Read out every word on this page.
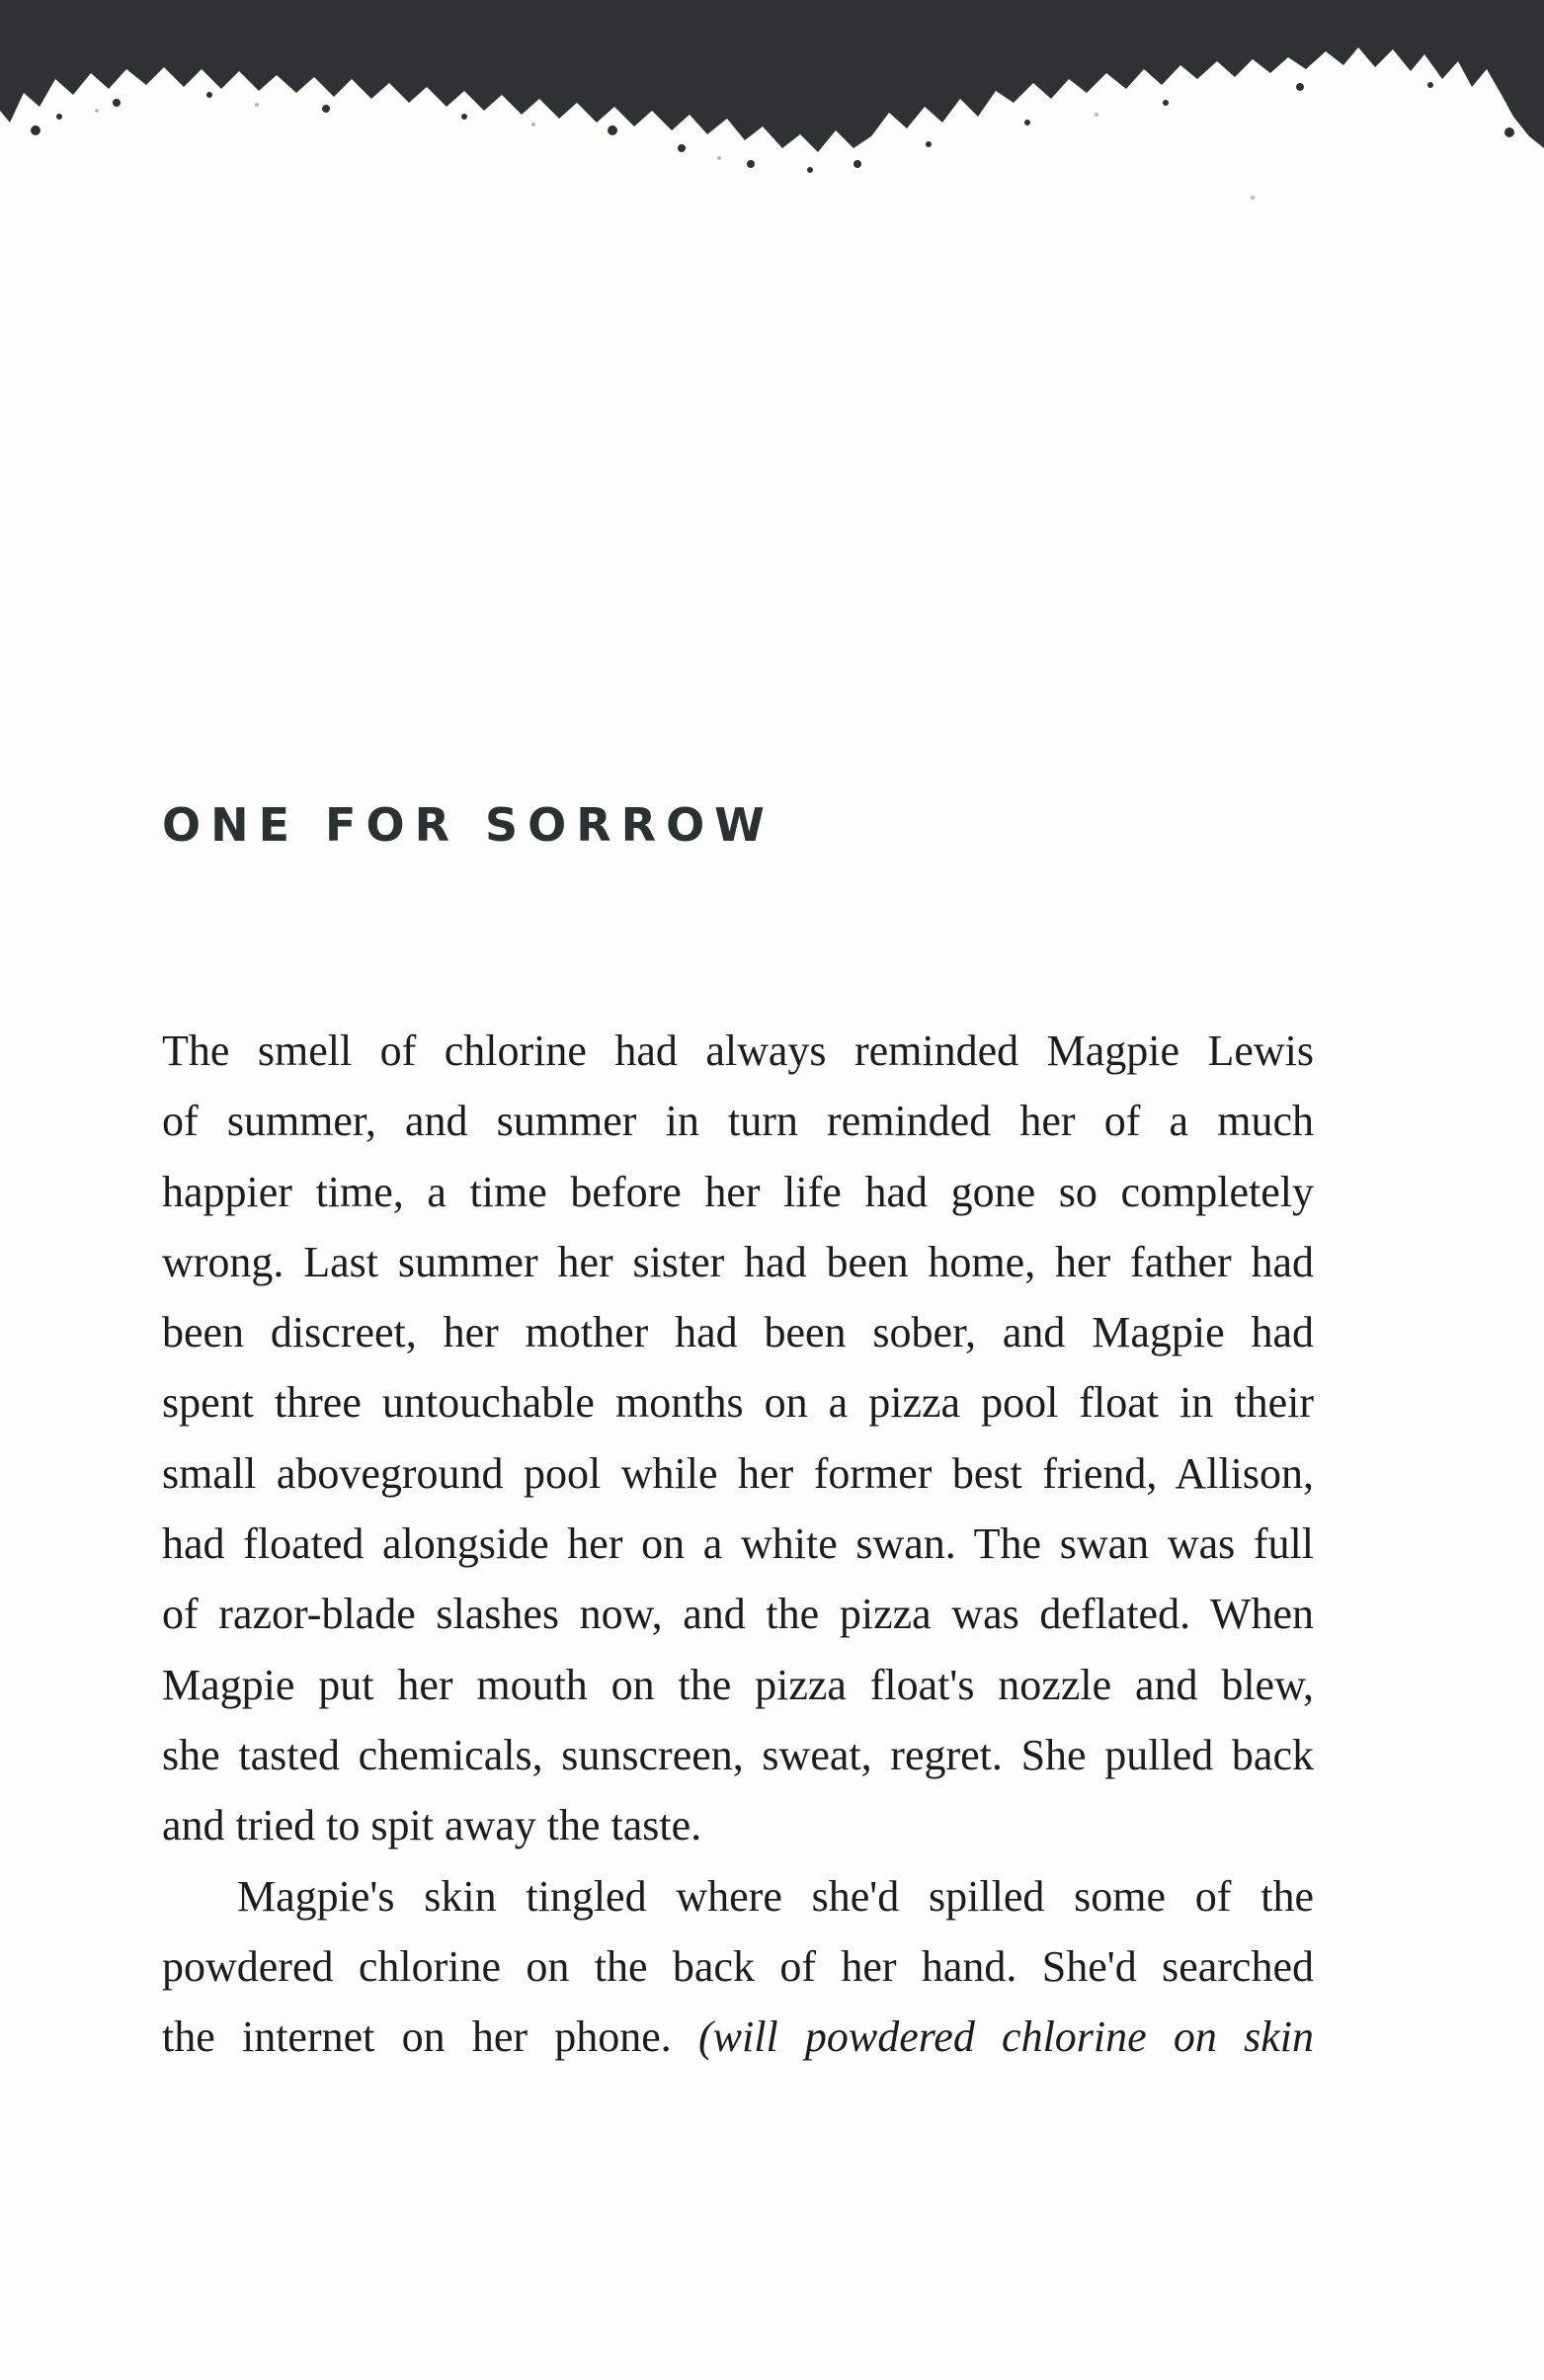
ONE FOR SORROW
The smell of chlorine had always reminded Magpie Lewis
of summer, and summer in turn reminded her of a much
happier time, a time before her life had gone so completely
wrong. Last summer her sister had been home, her father had
been discreet, her mother had been sober, and Magpie had
spent three untouchable months on a pizza pool float in their
small aboveground pool while her former best friend, Allison,
had floated alongside her on a white swan. The swan was full
of razor-blade slashes now, and the pizza was deflated. When
Magpie put her mouth on the pizza float's nozzle and blew,
she tasted chemicals, sunscreen, sweat, regret. She pulled back
and tried to spit away the taste.
Magpie's skin tingled where she'd spilled some of the
powdered chlorine on the back of her hand. She'd searched
the internet on her phone. (will powdered chlorine on skin
